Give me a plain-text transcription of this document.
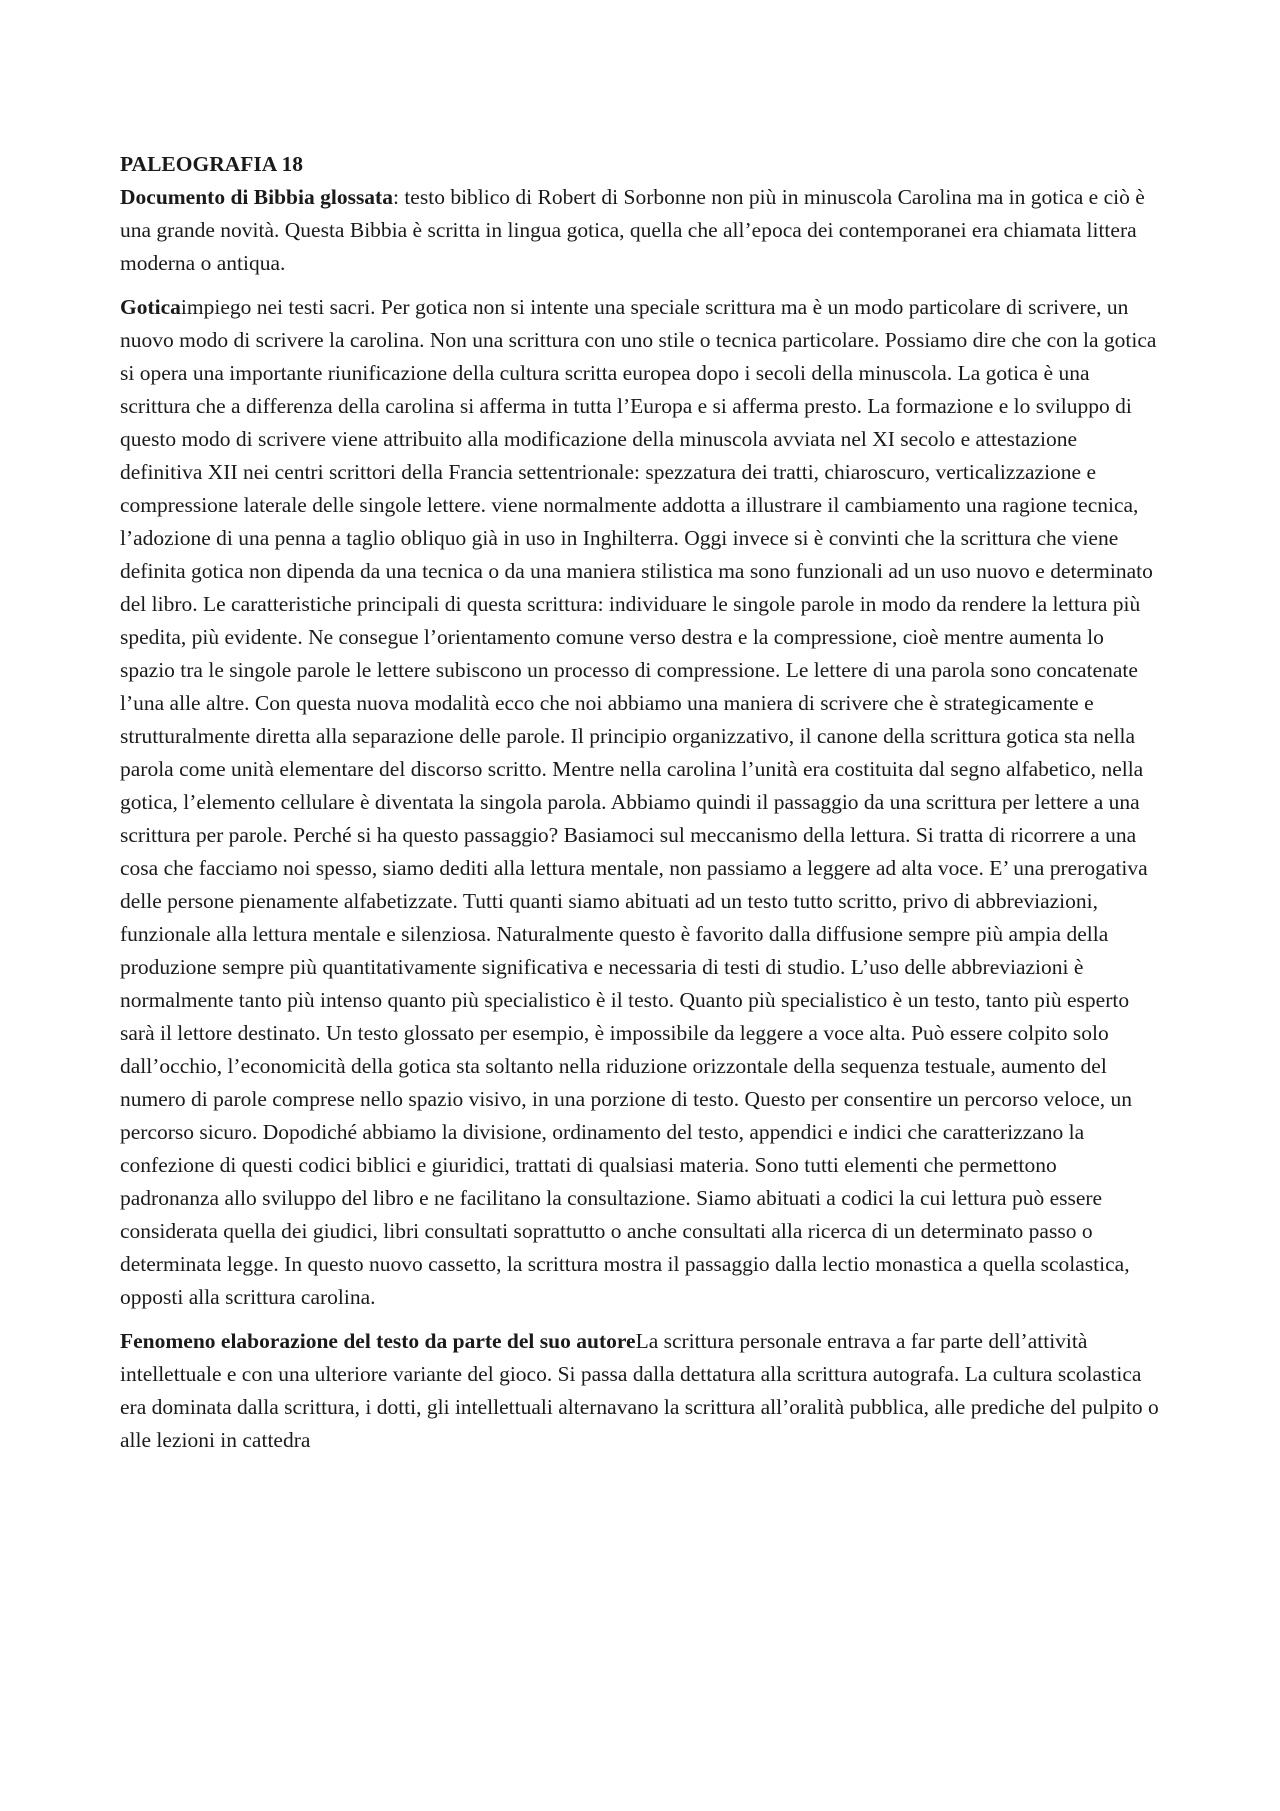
PALEOGRAFIA 18

Documento di Bibbia glossata: testo biblico di Robert di Sorbonne non più in minuscola Carolina ma in gotica e ciò è una grande novità. Questa Bibbia è scritta in lingua gotica, quella che all’epoca dei contemporanei era chiamata littera moderna o antiqua.

Goticaimpiego nei testi sacri. Per gotica non si intente una speciale scrittura ma è un modo particolare di scrivere, un nuovo modo di scrivere la carolina. Non una scrittura con uno stile o tecnica particolare. Possiamo dire che con la gotica si opera una importante riunificazione della cultura scritta europea dopo i secoli della minuscola. La gotica è una scrittura che a differenza della carolina si afferma in tutta l’Europa e si afferma presto. La formazione e lo sviluppo di questo modo di scrivere viene attribuito alla modificazione della minuscola avviata nel XI secolo e attestazione definitiva XII nei centri scrittori della Francia settentrionale: spezzatura dei tratti, chiaroscuro, verticalizzazione e compressione laterale delle singole lettere. viene normalmente addotta a illustrare il cambiamento una ragione tecnica, l’adozione di una penna a taglio obliquo già in uso in Inghilterra. Oggi invece si è convinti che la scrittura che viene definita gotica non dipenda da una tecnica o da una maniera stilistica ma sono funzionali ad un uso nuovo e determinato del libro. Le caratteristiche principali di questa scrittura: individuare le singole parole in modo da rendere la lettura più spedita, più evidente. Ne consegue l’orientamento comune verso destra e la compressione, cioè mentre aumenta lo spazio tra le singole parole le lettere subiscono un processo di compressione. Le lettere di una parola sono concatenate l’una alle altre. Con questa nuova modalità ecco che noi abbiamo una maniera di scrivere che è strategicamente e strutturalmente diretta alla separazione delle parole. Il principio organizzativo, il canone della scrittura gotica sta nella parola come unità elementare del discorso scritto. Mentre nella carolina l’unità era costituita dal segno alfabetico, nella gotica, l’elemento cellulare è diventata la singola parola. Abbiamo quindi il passaggio da una scrittura per lettere a una scrittura per parole. Perché si ha questo passaggio? Basiamoci sul meccanismo della lettura. Si tratta di ricorrere a una cosa che facciamo noi spesso, siamo dediti alla lettura mentale, non passiamo a leggere ad alta voce. E’ una prerogativa delle persone pienamente alfabetizzate. Tutti quanti siamo abituati ad un testo tutto scritto, privo di abbreviazioni, funzionale alla lettura mentale e silenziosa. Naturalmente questo è favorito dalla diffusione sempre più ampia della produzione sempre più quantitativamente significativa e necessaria di testi di studio. L’uso delle abbreviazioni è normalmente tanto più intenso quanto più specialistico è il testo. Quanto più specialistico è un testo, tanto più esperto sarà il lettore destinato. Un testo glossato per esempio, è impossibile da leggere a voce alta. Può essere colpito solo dall’occhio, l’economicità della gotica sta soltanto nella riduzione orizzontale della sequenza testuale, aumento del numero di parole comprese nello spazio visivo, in una porzione di testo. Questo per consentire un percorso veloce, un percorso sicuro. Dopodiché abbiamo la divisione, ordinamento del testo, appendici e indici che caratterizzano la confezione di questi codici biblici e giuridici, trattati di qualsiasi materia. Sono tutti elementi che permettono padronanza allo sviluppo del libro e ne facilitano la consultazione. Siamo abituati a codici la cui lettura può essere considerata quella dei giudici, libri consultati soprattutto o anche consultati alla ricerca di un determinato passo o determinata legge. In questo nuovo cassetto, la scrittura mostra il passaggio dalla lectio monastica a quella scolastica, opposti alla scrittura carolina.

Fenomeno elaborazione del testo da parte del suo autoreLa scrittura personale entrava a far parte dell’attività intellettuale e con una ulteriore variante del gioco. Si passa dalla dettatura alla scrittura autografa. La cultura scolastica era dominata dalla scrittura, i dotti, gli intellettuali alternavano la scrittura all’oralità pubblica, alle prediche del pulpito o alle lezioni in cattedra
